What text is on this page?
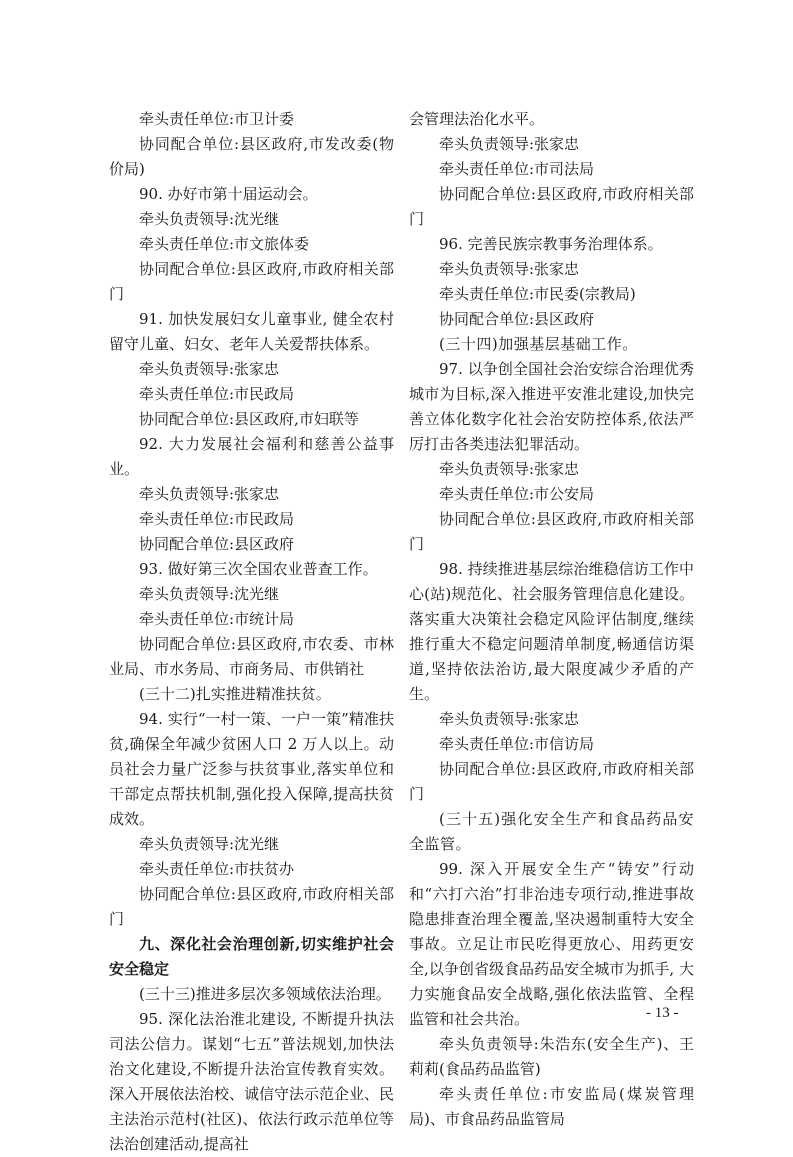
牵头责任单位:市卫计委

协同配合单位:县区政府,市发改委(物价局)

90. 办好市第十届运动会。

牵头负责领导:沈光继

牵头责任单位:市文旅体委

协同配合单位:县区政府,市政府相关部门

91. 加快发展妇女儿童事业, 健全农村留守儿童、妇女、老年人关爱帮扶体系。

牵头负责领导:张家忠

牵头责任单位:市民政局

协同配合单位:县区政府,市妇联等

92. 大力发展社会福利和慈善公益事业。

牵头负责领导:张家忠

牵头责任单位:市民政局

协同配合单位:县区政府

93. 做好第三次全国农业普查工作。

牵头负责领导:沈光继

牵头责任单位:市统计局

协同配合单位:县区政府,市农委、市林业局、市水务局、市商务局、市供销社

(三十二)扎实推进精准扶贫。

94. 实行“一村一策、一户一策”精准扶贫,确保全年减少贫困人口 2 万人以上。动员社会力量广泛参与扶贫事业,落实单位和干部定点帮扶机制,强化投入保障,提高扶贫成效。

牵头负责领导:沈光继

牵头责任单位:市扶贫办

协同配合单位:县区政府,市政府相关部门

九、深化社会治理创新,切实维护社会安全稳定

(三十三)推进多层次多领域依法治理。

95. 深化法治淮北建设, 不断提升执法司法公信力。谋划“七五”普法规划,加快法治文化建设,不断提升法治宣传教育实效。深入开展依法治校、诚信守法示范企业、民主法治示范村(社区)、依法行政示范单位等法治创建活动,提高社

会管理法治化水平。

牵头负责领导:张家忠

牵头责任单位:市司法局

协同配合单位:县区政府,市政府相关部门

96. 完善民族宗教事务治理体系。

牵头负责领导:张家忠

牵头责任单位:市民委(宗教局)

协同配合单位:县区政府

(三十四)加强基层基础工作。

97. 以争创全国社会治安综合治理优秀城市为目标,深入推进平安淮北建设,加快完善立体化数字化社会治安防控体系,依法严厉打击各类违法犯罪活动。

牵头负责领导:张家忠

牵头责任单位:市公安局

协同配合单位:县区政府,市政府相关部门

98. 持续推进基层综治维稳信访工作中心(站)规范化、社会服务管理信息化建设。落实重大决策社会稳定风险评估制度,继续推行重大不稳定问题清单制度,畅通信访渠道,坚持依法治访,最大限度减少矛盾的产生。

牵头负责领导:张家忠

牵头责任单位:市信访局

协同配合单位:县区政府,市政府相关部门

(三十五)强化安全生产和食品药品安全监管。

99. 深入开展安全生产“铸安”行动和“六打六治”打非治违专项行动,推进事故隐患排查治理全覆盖,坚决遏制重特大安全事故。立足让市民吃得更放心、用药更安全,以争创省级食品药品安全城市为抓手, 大力实施食品安全战略,强化依法监管、全程监管和社会共治。

牵头负责领导:朱浩东(安全生产)、王莉莉(食品药品监管)

牵头责任单位:市安监局(煤炭管理局)、市食品药品监管局

- 13 -
